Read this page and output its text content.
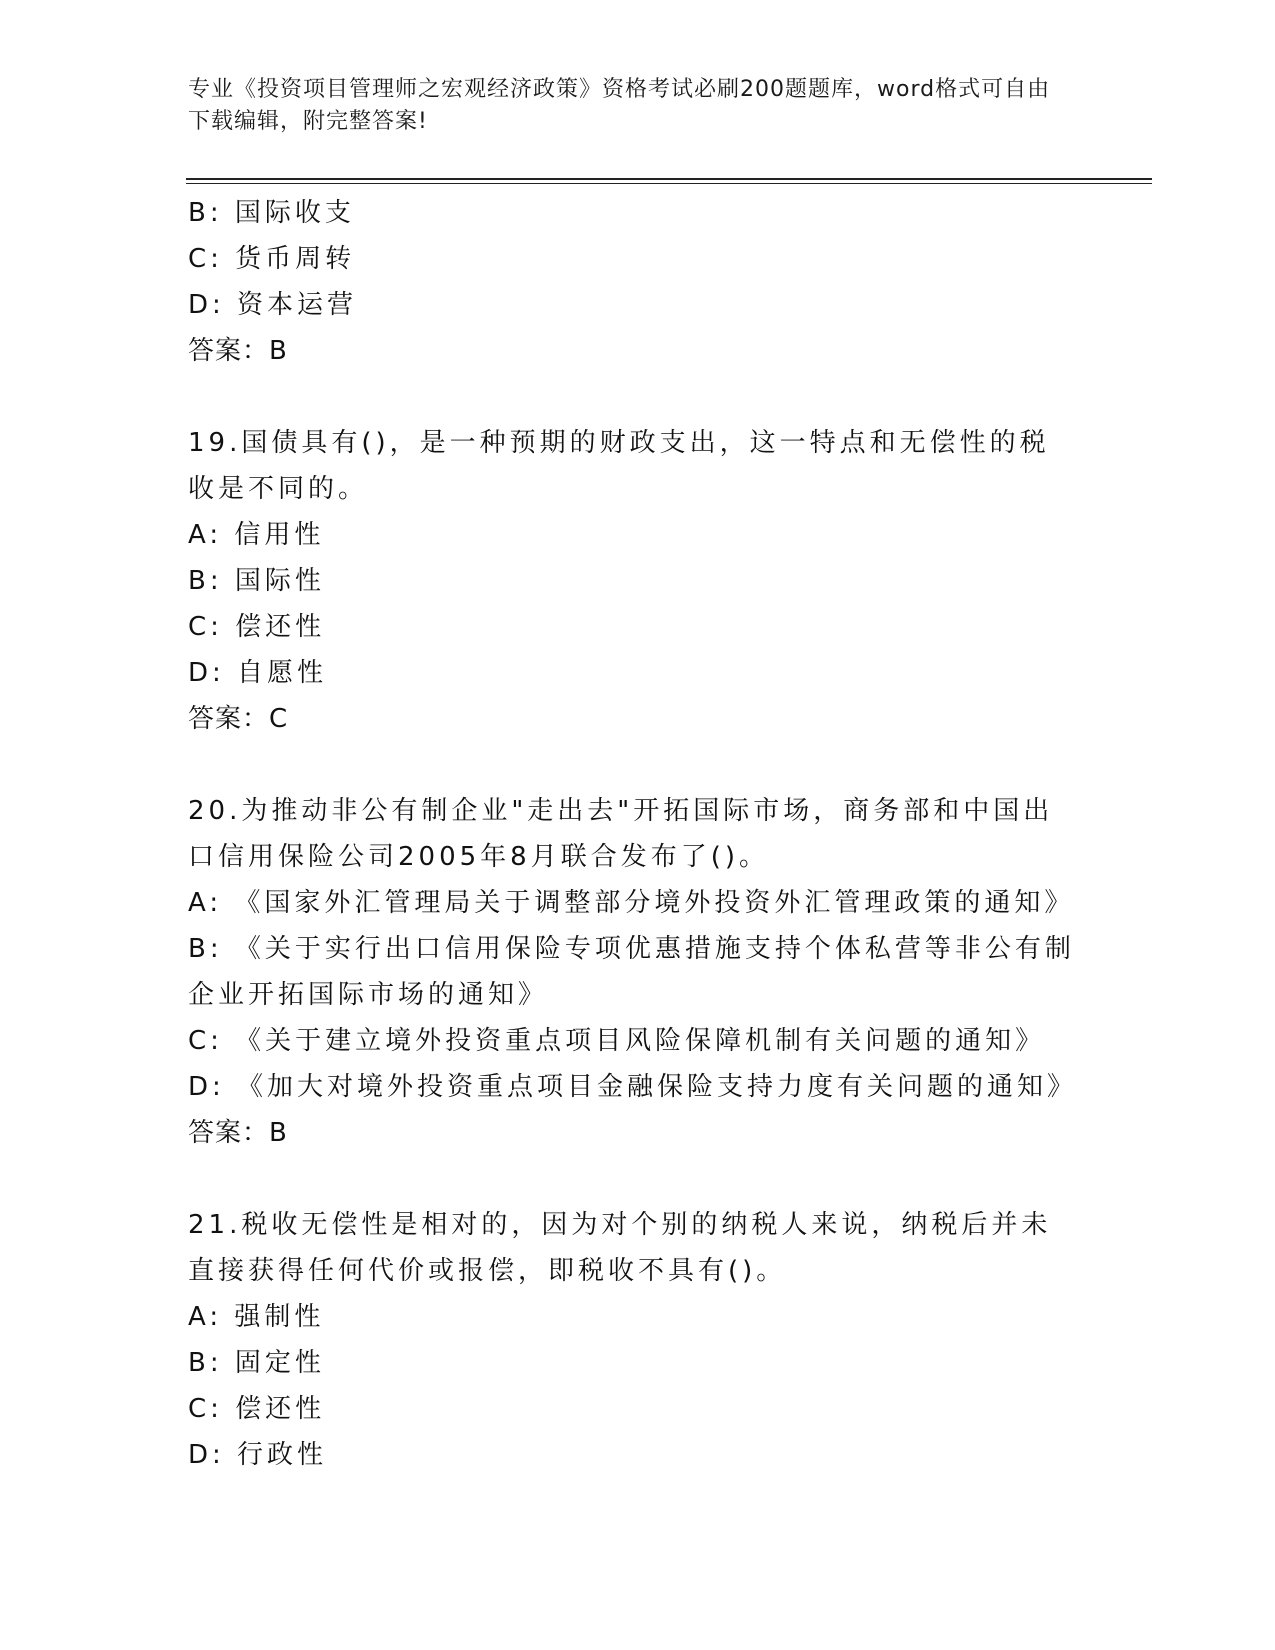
专业《投资项目管理师之宏观经济政策》资格考试必刷200题题库，word格式可自由下载编辑，附完整答案!
B: 国际收支
C: 货币周转
D: 资本运营
答案：B
19.国债具有()，是一种预期的财政支出，这一特点和无偿性的税收是不同的。
A: 信用性
B: 国际性
C: 偿还性
D: 自愿性
答案：C
20.为推动非公有制企业"走出去"开拓国际市场，商务部和中国出口信用保险公司2005年8月联合发布了()。
A: 《国家外汇管理局关于调整部分境外投资外汇管理政策的通知》
B: 《关于实行出口信用保险专项优惠措施支持个体私营等非公有制企业开拓国际市场的通知》
C: 《关于建立境外投资重点项目风险保障机制有关问题的通知》
D: 《加大对境外投资重点项目金融保险支持力度有关问题的通知》
答案：B
21.税收无偿性是相对的，因为对个别的纳税人来说，纳税后并未直接获得任何代价或报偿，即税收不具有()。
A: 强制性
B: 固定性
C: 偿还性
D: 行政性
